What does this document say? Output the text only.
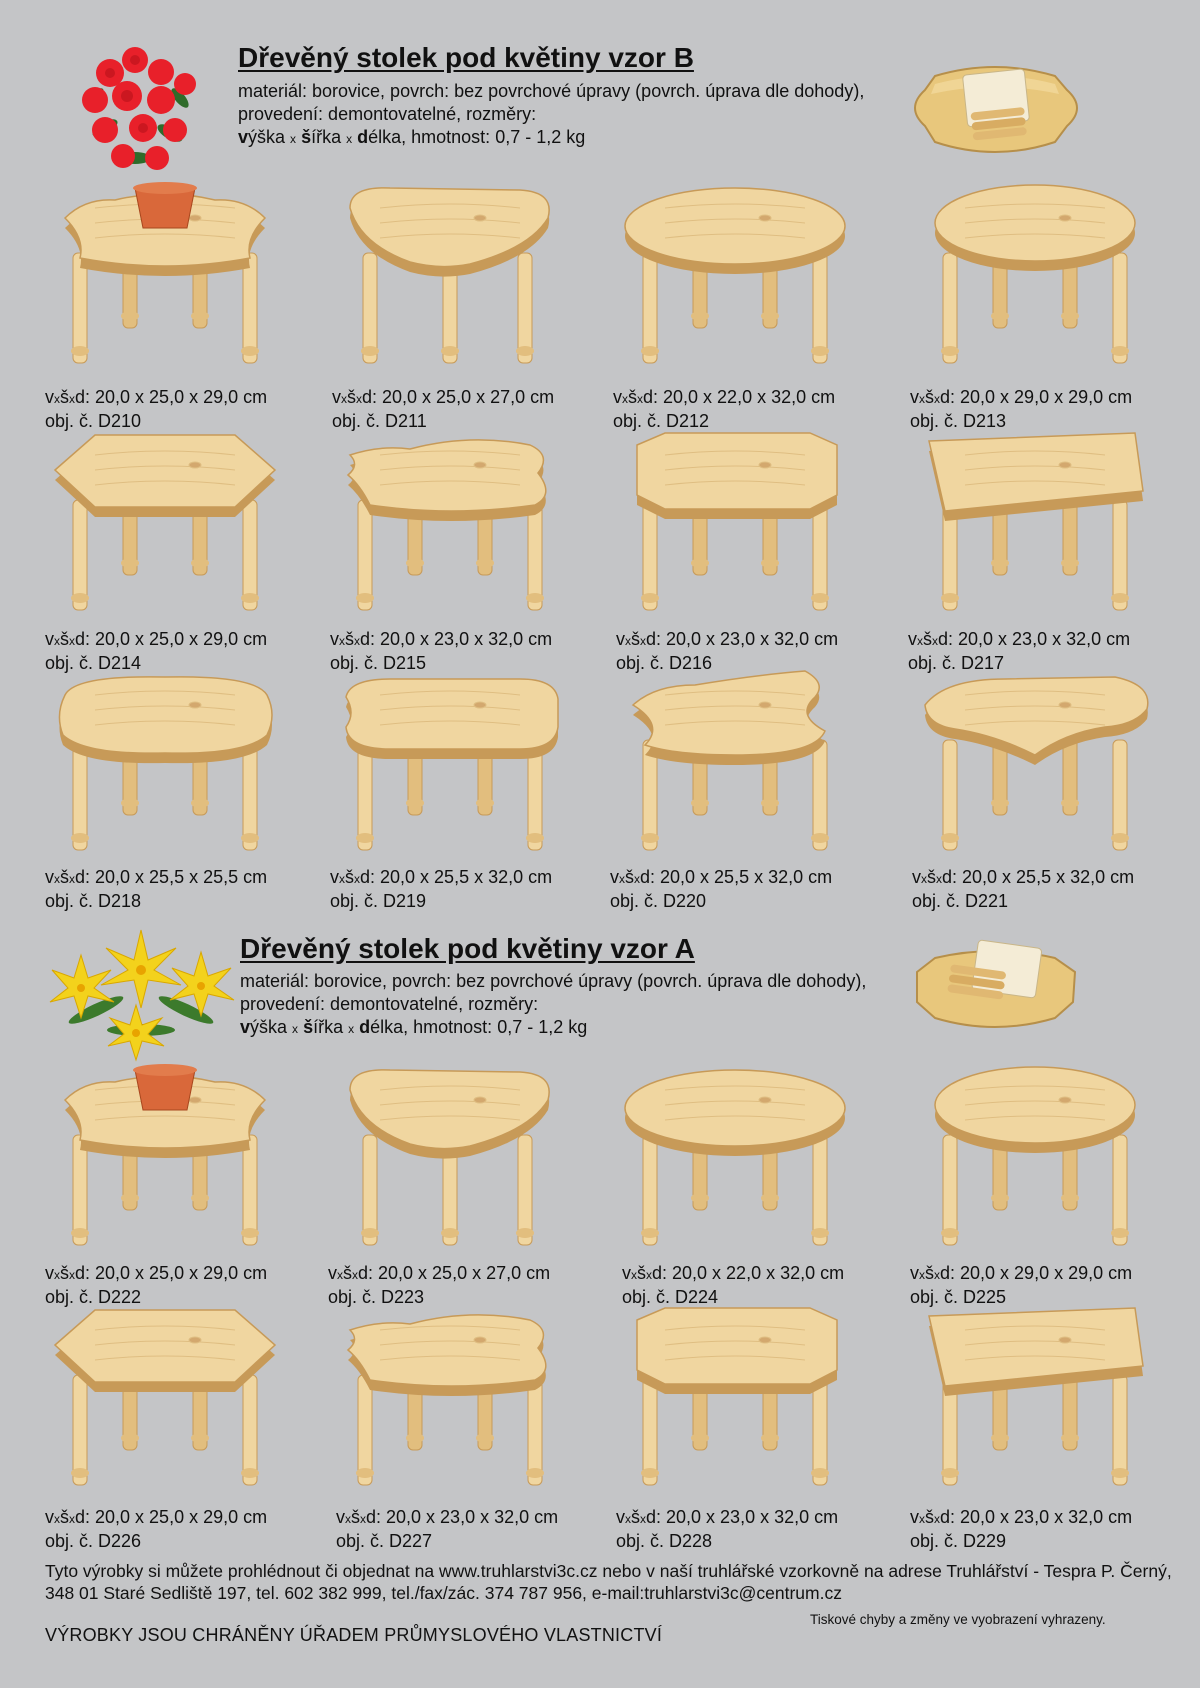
Dřevěný stolek pod květiny vzor B
materiál: borovice, povrch: bez povrchové úpravy (povrch. úprava dle dohody), provedení: demontovatelné, rozměry:
výška x šířka x délka, hmotnost: 0,7 - 1,2 kg
Dřevěný stolek pod květiny vzor A
materiál: borovice, povrch: bez povrchové úpravy (povrch. úprava dle dohody), provedení: demontovatelné, rozměry:
výška x šířka x délka, hmotnost: 0,7 - 1,2 kg
vxšxd: 20,0 x 25,0 x 29,0 cm
obj. č. D210
vxšxd: 20,0 x 25,0 x 27,0 cm
obj. č. D211
vxšxd: 20,0 x 22,0 x 32,0 cm
obj. č. D212
vxšxd: 20,0 x 29,0 x 29,0 cm
obj. č. D213
vxšxd: 20,0 x 25,0 x 29,0 cm
obj. č. D214
vxšxd: 20,0 x 23,0 x 32,0 cm
obj. č. D215
vxšxd: 20,0 x 23,0 x 32,0 cm
obj. č. D216
vxšxd: 20,0 x 23,0 x 32,0 cm
obj. č. D217
vxšxd: 20,0 x 25,5 x 25,5 cm
obj. č. D218
vxšxd: 20,0 x 25,5 x 32,0 cm
obj. č. D219
vxšxd: 20,0 x 25,5 x 32,0 cm
obj. č. D220
vxšxd: 20,0 x 25,5 x 32,0 cm
obj. č. D221
vxšxd: 20,0 x 25,0 x 29,0 cm
obj. č. D222
vxšxd: 20,0 x 25,0 x 27,0 cm
obj. č. D223
vxšxd: 20,0 x 22,0 x 32,0 cm
obj. č. D224
vxšxd: 20,0 x 29,0 x 29,0 cm
obj. č. D225
vxšxd: 20,0 x 25,0 x 29,0 cm
obj. č. D226
vxšxd: 20,0 x 23,0 x 32,0 cm
obj. č. D227
vxšxd: 20,0 x 23,0 x 32,0 cm
obj. č. D228
vxšxd: 20,0 x 23,0 x 32,0 cm
obj. č. D229
Tyto výrobky si můžete prohlédnout či objednat na www.truhlarstvi3c.cz nebo v naší truhlářské vzorkovně na adrese Truhlářství - Tespra P. Černý, 348 01 Staré Sedliště 197, tel. 602 382 999, tel./fax/zác. 374 787 956, e-mail:truhlarstvi3c@centrum.cz
Tiskové chyby a změny ve vyobrazení vyhrazeny.
VÝROBKY JSOU CHRÁNĚNY ÚŘADEM PRŮMYSLOVÉHO VLASTNICTVÍ
